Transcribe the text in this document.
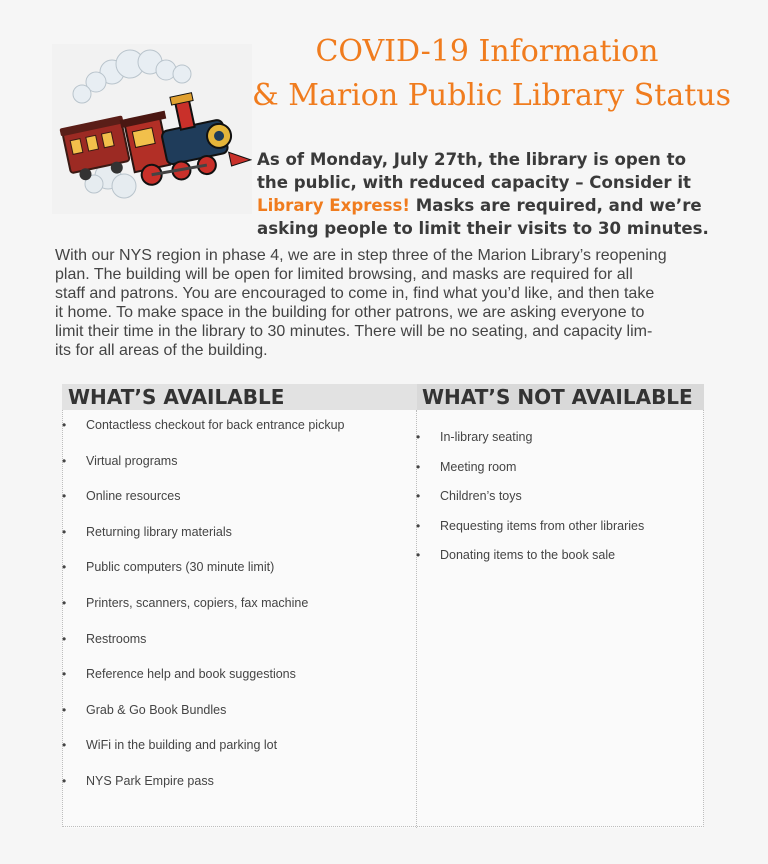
COVID-19 Information
& Marion Public Library Status
As of Monday, July 27th, the library is open to
the public, with reduced capacity – Consider it
Library Express! Masks are required, and we’re
asking people to limit their visits to 30 minutes.
With our NYS region in phase 4, we are in step three of the Marion Library’s reopening
plan. The building will be open for limited browsing, and masks are required for all
staff and patrons. You are encouraged to come in, find what you’d like, and then take
it home. To make space in the building for other patrons, we are asking everyone to
limit their time in the library to 30 minutes. There will be no seating, and capacity lim-
its for all areas of the building.
WHAT’S AVAILABLE	WHAT’S NOT AVAILABLE
• Contactless checkout for back entrance pickup
• Virtual programs
• Online resources
• Returning library materials
• Public computers (30 minute limit)
• Printers, scanners, copiers, fax machine
• Restrooms
• Reference help and book suggestions
• Grab & Go Book Bundles
• WiFi in the building and parking lot
• NYS Park Empire pass
• In-library seating
• Meeting room
• Children’s toys
• Requesting items from other libraries
• Donating items to the book sale
